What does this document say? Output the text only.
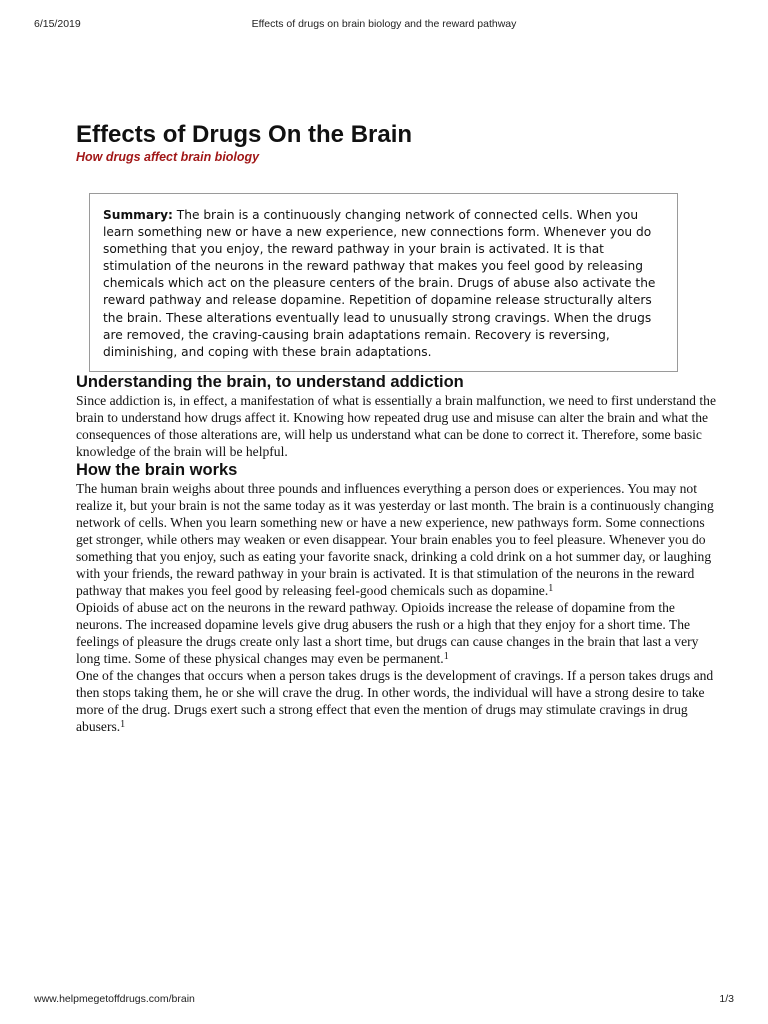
6/15/2019	Effects of drugs on brain biology and the reward pathway
Effects of Drugs On the Brain
How drugs affect brain biology
Summary: The brain is a continuously changing network of connected cells. When you learn something new or have a new experience, new connections form. Whenever you do something that you enjoy, the reward pathway in your brain is activated. It is that stimulation of the neurons in the reward pathway that makes you feel good by releasing chemicals which act on the pleasure centers of the brain. Drugs of abuse also activate the reward pathway and release dopamine. Repetition of dopamine release structurally alters the brain. These alterations eventually lead to unusually strong cravings. When the drugs are removed, the craving-causing brain adaptations remain. Recovery is reversing, diminishing, and coping with these brain adaptations.
Understanding the brain, to understand addiction

Since addiction is, in effect, a manifestation of what is essentially a brain malfunction, we need to first understand the brain to understand how drugs affect it. Knowing how repeated drug use and misuse can alter the brain and what the consequences of those alterations are, will help us understand what can be done to correct it. Therefore, some basic knowledge of the brain will be helpful.

How the brain works

The human brain weighs about three pounds and influences everything a person does or experiences. You may not realize it, but your brain is not the same today as it was yesterday or last month. The brain is a continuously changing network of cells. When you learn something new or have a new experience, new pathways form. Some connections get stronger, while others may weaken or even disappear. Your brain enables you to feel pleasure. Whenever you do something that you enjoy, such as eating your favorite snack, drinking a cold drink on a hot summer day, or laughing with your friends, the reward pathway in your brain is activated. It is that stimulation of the neurons in the reward pathway that makes you feel good by releasing feel-good chemicals such as dopamine.$^1$

Opioids of abuse act on the neurons in the reward pathway. Opioids increase the release of dopamine from the neurons. The increased dopamine levels give drug abusers the rush or a high that they enjoy for a short time. The feelings of pleasure the drugs create only last a short time, but drugs can cause changes in the brain that last a very long time. Some of these physical changes may even be permanent.$^1$

One of the changes that occurs when a person takes drugs is the development of cravings. If a person takes drugs and then stops taking them, he or she will crave the drug. In other words, the individual will have a strong desire to take more of the drug. Drugs exert such a strong effect that even the mention of drugs may stimulate cravings in drug abusers.$^1$

www.helpmegetoffdrugs.com/brain	1/3
